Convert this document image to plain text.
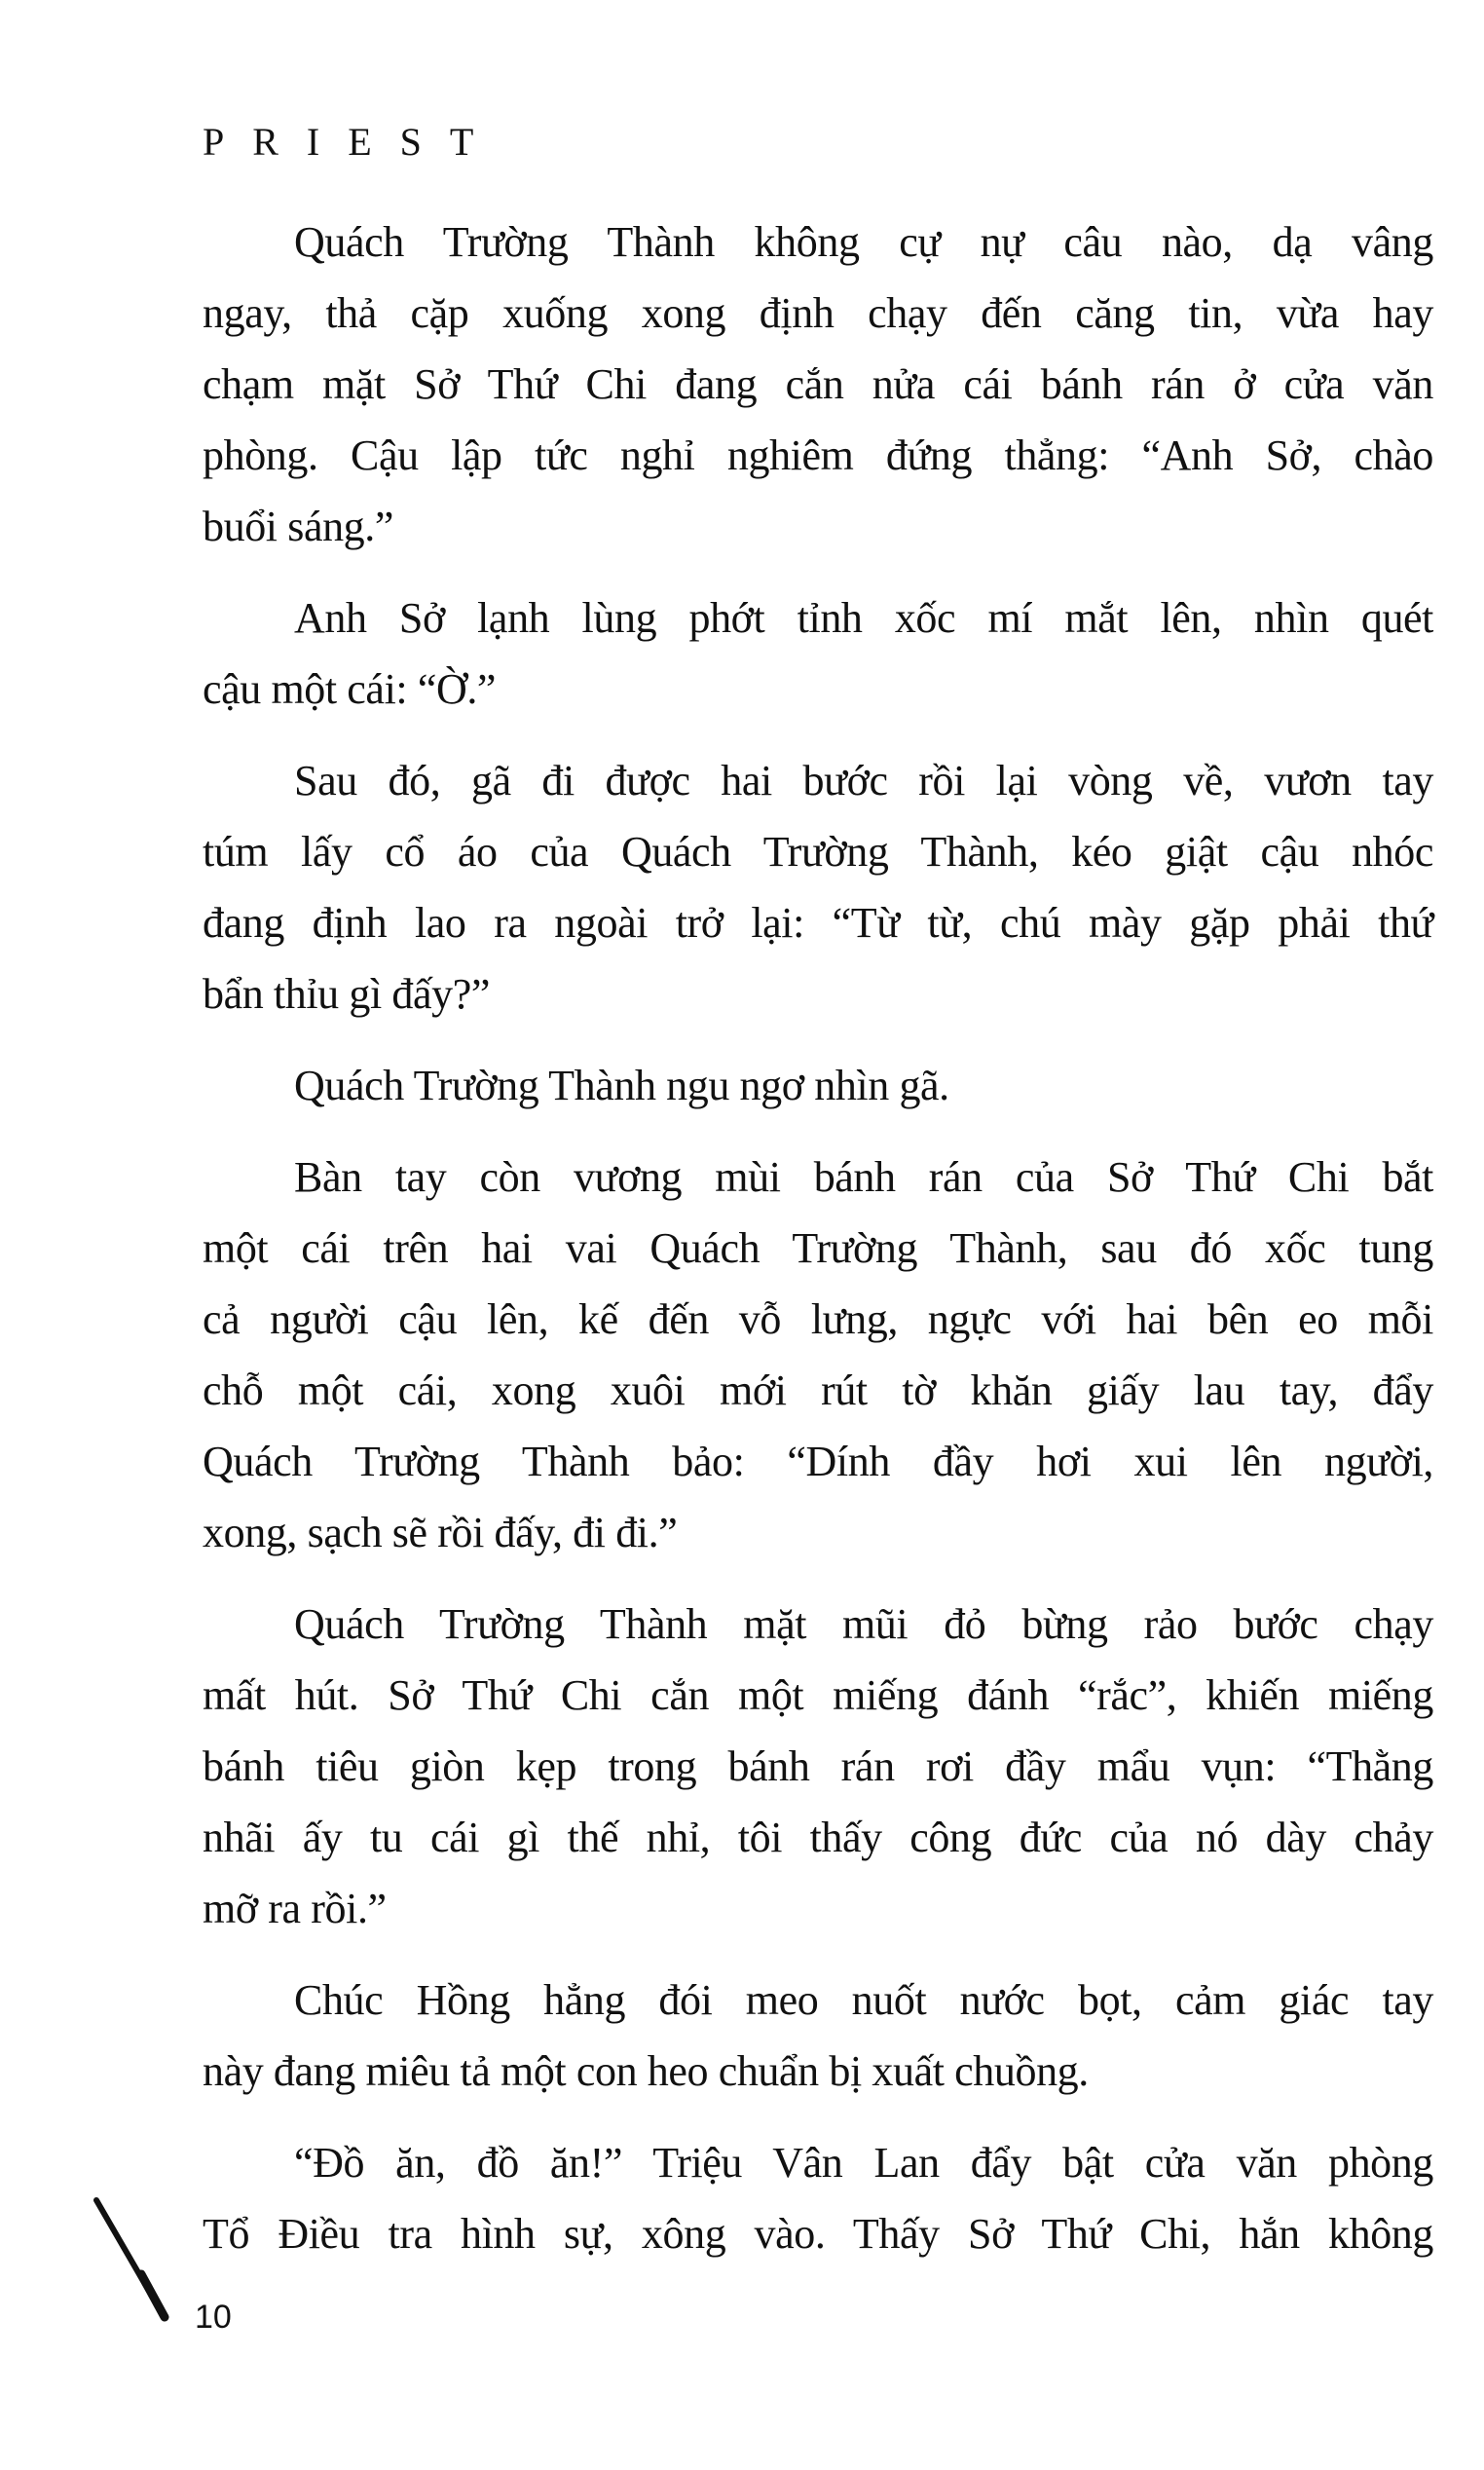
PRIEST
Quách Trường Thành không cự nự câu nào, dạ vâng
ngay, thả cặp xuống xong định chạy đến căng tin, vừa hay
chạm mặt Sở Thứ Chi đang cắn nửa cái bánh rán ở cửa văn
phòng. Cậu lập tức nghỉ nghiêm đứng thẳng: “Anh Sở, chào
buổi sáng.”
Anh Sở lạnh lùng phớt tỉnh xốc mí mắt lên, nhìn quét
cậu một cái: “Ờ.”
Sau đó, gã đi được hai bước rồi lại vòng về, vươn tay
túm lấy cổ áo của Quách Trường Thành, kéo giật cậu nhóc
đang định lao ra ngoài trở lại: “Từ từ, chú mày gặp phải thứ
bẩn thỉu gì đấy?”
Quách Trường Thành ngu ngơ nhìn gã.
Bàn tay còn vương mùi bánh rán của Sở Thứ Chi bắt
một cái trên hai vai Quách Trường Thành, sau đó xốc tung
cả người cậu lên, kế đến vỗ lưng, ngực với hai bên eo mỗi
chỗ một cái, xong xuôi mới rút tờ khăn giấy lau tay, đẩy
Quách Trường Thành bảo: “Dính đầy hơi xui lên người,
xong, sạch sẽ rồi đấy, đi đi.”
Quách Trường Thành mặt mũi đỏ bừng rảo bước chạy
mất hút. Sở Thứ Chi cắn một miếng đánh “rắc”, khiến miếng
bánh tiêu giòn kẹp trong bánh rán rơi đầy mẩu vụn: “Thằng
nhãi ấy tu cái gì thế nhỉ, tôi thấy công đức của nó dày chảy
mỡ ra rồi.”
Chúc Hồng hẳng đói meo nuốt nước bọt, cảm giác tay
này đang miêu tả một con heo chuẩn bị xuất chuồng.
“Đồ ăn, đồ ăn!” Triệu Vân Lan đẩy bật cửa văn phòng
Tổ Điều tra hình sự, xông vào. Thấy Sở Thứ Chi, hắn không
10
